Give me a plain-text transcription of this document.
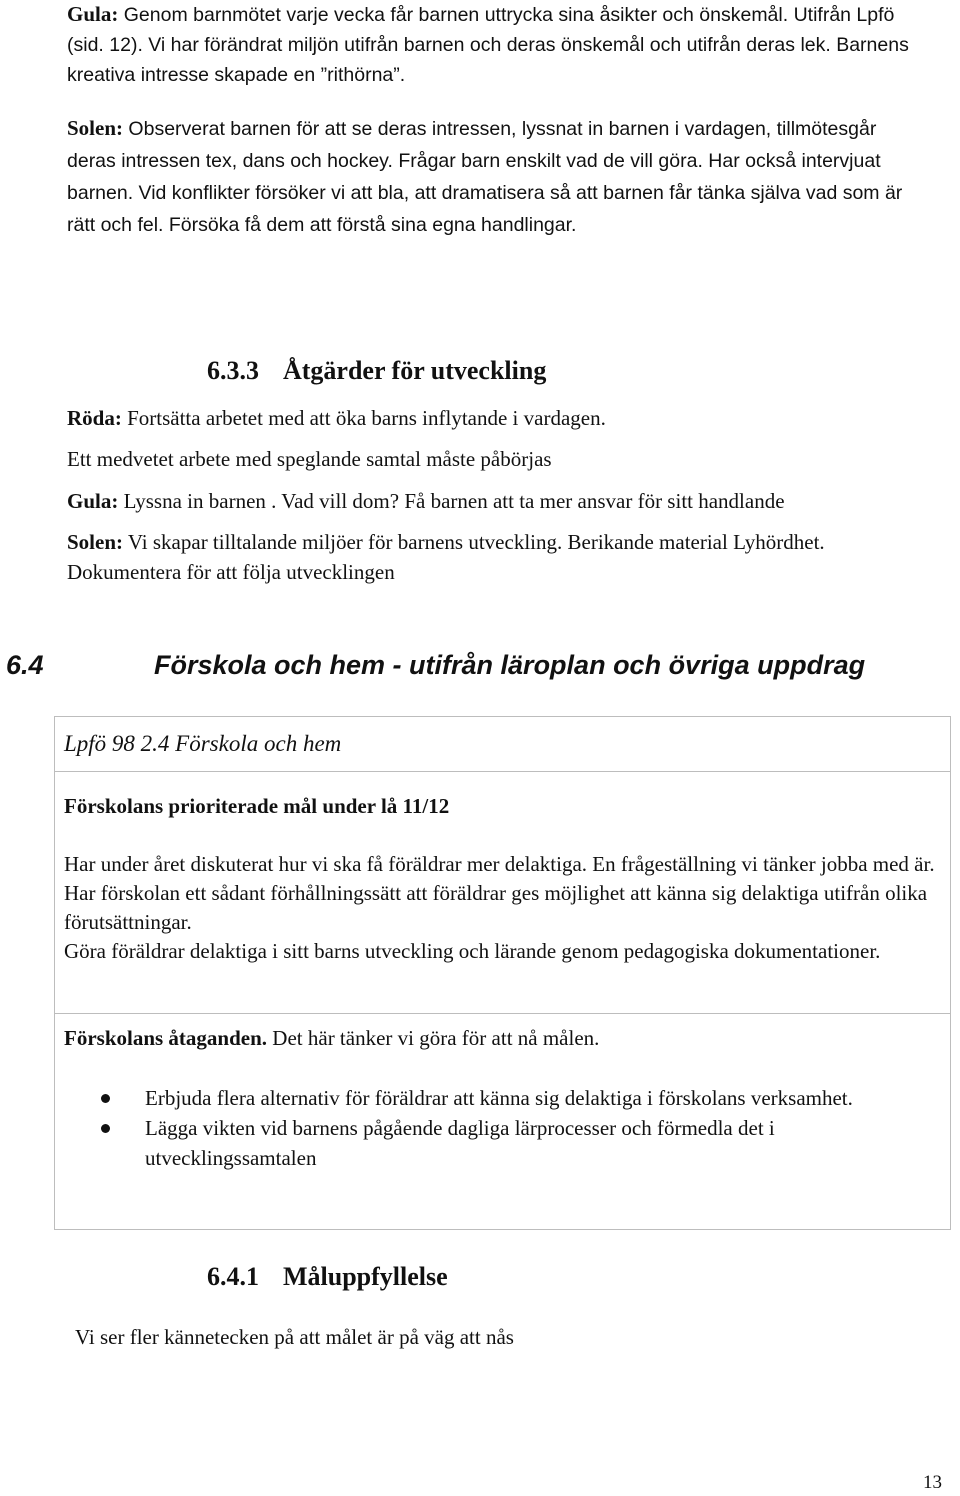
Gula: Genom barnmötet varje vecka får barnen uttrycka sina åsikter och önskemål. Utifrån Lpfö (sid. 12). Vi har förändrat miljön utifrån barnen och deras önskemål och utifrån deras lek. Barnens kreativa intresse skapade en ”rithörna”.

Solen: Observerat barnen för att se deras intressen, lyssnat in barnen i vardagen, tillmötesgår deras intressen tex, dans och hockey. Frågar barn enskilt vad de vill göra. Har också intervjuat barnen. Vid konflikter försöker vi att bla, att dramatisera så att barnen får tänka själva vad som är rätt och fel. Försöka få dem att förstå sina egna handlingar.

6.3.3 Åtgärder för utveckling

Röda: Fortsätta arbetet med att öka barns inflytande i vardagen.

Ett medvetet arbete med speglande samtal måste påbörjas

Gula: Lyssna in barnen . Vad vill dom? Få barnen att ta mer ansvar för sitt handlande

Solen: Vi skapar tilltalande miljöer för barnens utveckling. Berikande material Lyhördhet. Dokumentera för att följa utvecklingen

6.4	Förskola och hem - utifrån läroplan och övriga uppdrag
Lpfö 98 2.4 Förskola och hem
Förskolans prioriterade mål under lå 11/12
Har under året diskuterat hur vi ska få föräldrar mer delaktiga. En frågeställning vi tänker jobba med är. Har förskolan ett sådant förhållningssätt att föräldrar ges möjlighet att känna sig delaktiga utifrån olika förutsättningar.
Göra föräldrar delaktiga i sitt barns utveckling och lärande genom pedagogiska dokumentationer.
Förskolans åtaganden. Det här tänker vi göra för att nå målen.
Erbjuda flera alternativ för föräldrar att känna sig delaktiga i förskolans verksamhet.
Lägga vikten vid barnens pågående dagliga lärprocesser och förmedla det i utvecklingssamtalen
6.4.1 Måluppfyllelse

Vi ser fler kännetecken på att målet är på väg att nås

13
